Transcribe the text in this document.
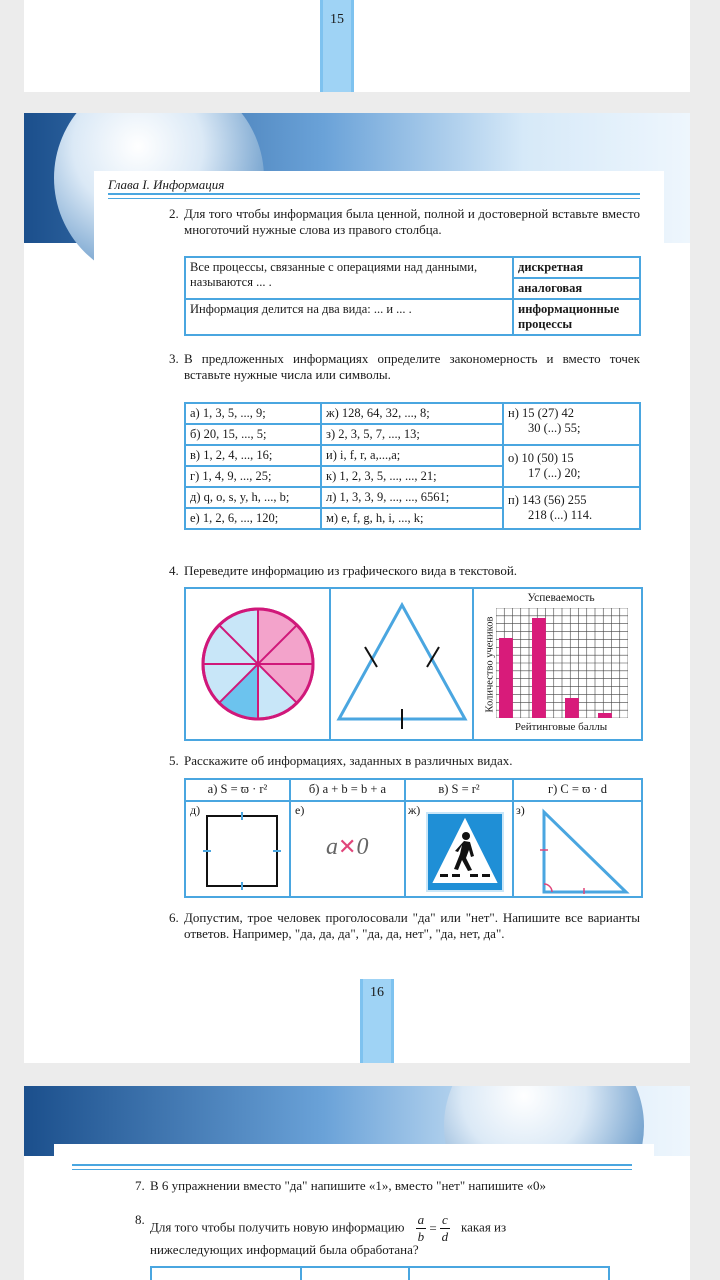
15
Глава I. Информация
2. Для того чтобы информация была ценной, полной и достоверной вставьте вместо многоточий нужные слова из правого столбца.
Все процессы, связанные с операциями над данными, называются ... .	дискретная
	аналоговая
Информация делится на два вида: ... и ... .	информационные процессы
3. В предложенных информациях определите закономерность и вместо точек вставьте нужные числа или символы.
а) 1, 3, 5, ..., 9;	ж) 128, 64, 32, ..., 8;	н) 15 (27) 42
30 (...) 55;

б) 20, 15, ..., 5;	з) 2, 3, 5, 7, ..., 13;	
в) 1, 2, 4, ..., 16;	и) i, f, r, a,...,a;	о) 10 (50) 15
17 (...) 20;

г) 1, 4, 9, ..., 25;	к) 1, 2, 3, 5, ..., ..., 21;	
д) q, o, s, y, h, ..., b;	л) 1, 3, 3, 9, ..., ..., 6561;	п) 143 (56) 255
218 (...) 114.

е) 1, 2, 6, ..., 120;	м) e, f, g, h, i, ..., k;	
4. Переведите информацию из графического вида в текстовой.
Успеваемость
Количество учеников
Рейтинговые баллы
5. Расскажите об информациях, заданных в различных видах.
а) S = ϖ · r²	б) a + b = b + a	в) S = r²	г) C = ϖ · d
д)	е)	ж)	з)
a✕0
6. Допустим, трое человек проголосовали "да" или "нет". Напишите все варианты ответов. Например, "да, да, да", "да, да, нет", "да, нет, да".
16
7. В 6 упражнении вместо "да" напишите «1», вместо "нет" напишите «0»
8. Для того чтобы получить новую информацию $\frac{a}{b} = \frac{c}{d}$ какая из
нижеследующих информаций была обработана?
